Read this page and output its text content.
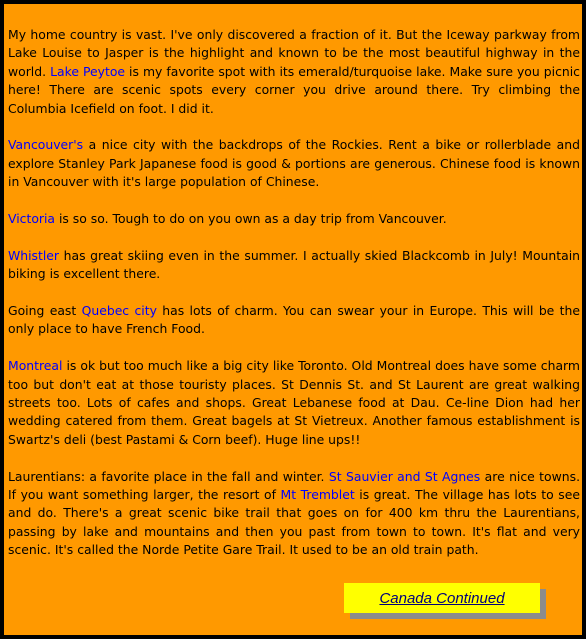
My home country is vast. I've only discovered a fraction of it. But the Iceway parkway from Lake Louise to Jasper is the highlight and known to be the most beautiful highway in the world. Lake Peytoe is my favorite spot with its emerald/turquoise lake. Make sure you picnic here! There are scenic spots every corner you drive around there. Try climbing the Columbia Icefield on foot. I did it.

Vancouver's a nice city with the backdrops of the Rockies. Rent a bike or rollerblade and explore Stanley Park Japanese food is good & portions are generous. Chinese food is known in Vancouver with it's large population of Chinese.

Victoria is so so. Tough to do on you own as a day trip from Vancouver.

Whistler has great skiing even in the summer. I actually skied Blackcomb in July! Mountain biking is excellent there.

Going east Quebec city has lots of charm. You can swear your in Europe. This will be the only place to have French Food.

Montreal is ok but too much like a big city like Toronto. Old Montreal does have some charm too but don't eat at those touristy places. St Dennis St. and St Laurent are great walking streets too. Lots of cafes and shops. Great Lebanese food at Dau. Ce-line Dion had her wedding catered from them. Great bagels at St Vietreux. Another famous establishment is Swartz's deli (best Pastami & Corn beef). Huge line ups!!

Laurentians: a favorite place in the fall and winter. St Sauvier and St Agnes are nice towns. If you want something larger, the resort of Mt Tremblet is great. The village has lots to see and do. There's a great scenic bike trail that goes on for 400 km thru the Laurentians, passing by lake and mountains and then you past from town to town. It's flat and very scenic. It's called the Norde Petite Gare Trail. It used to be an old train path.

Canada Continued
